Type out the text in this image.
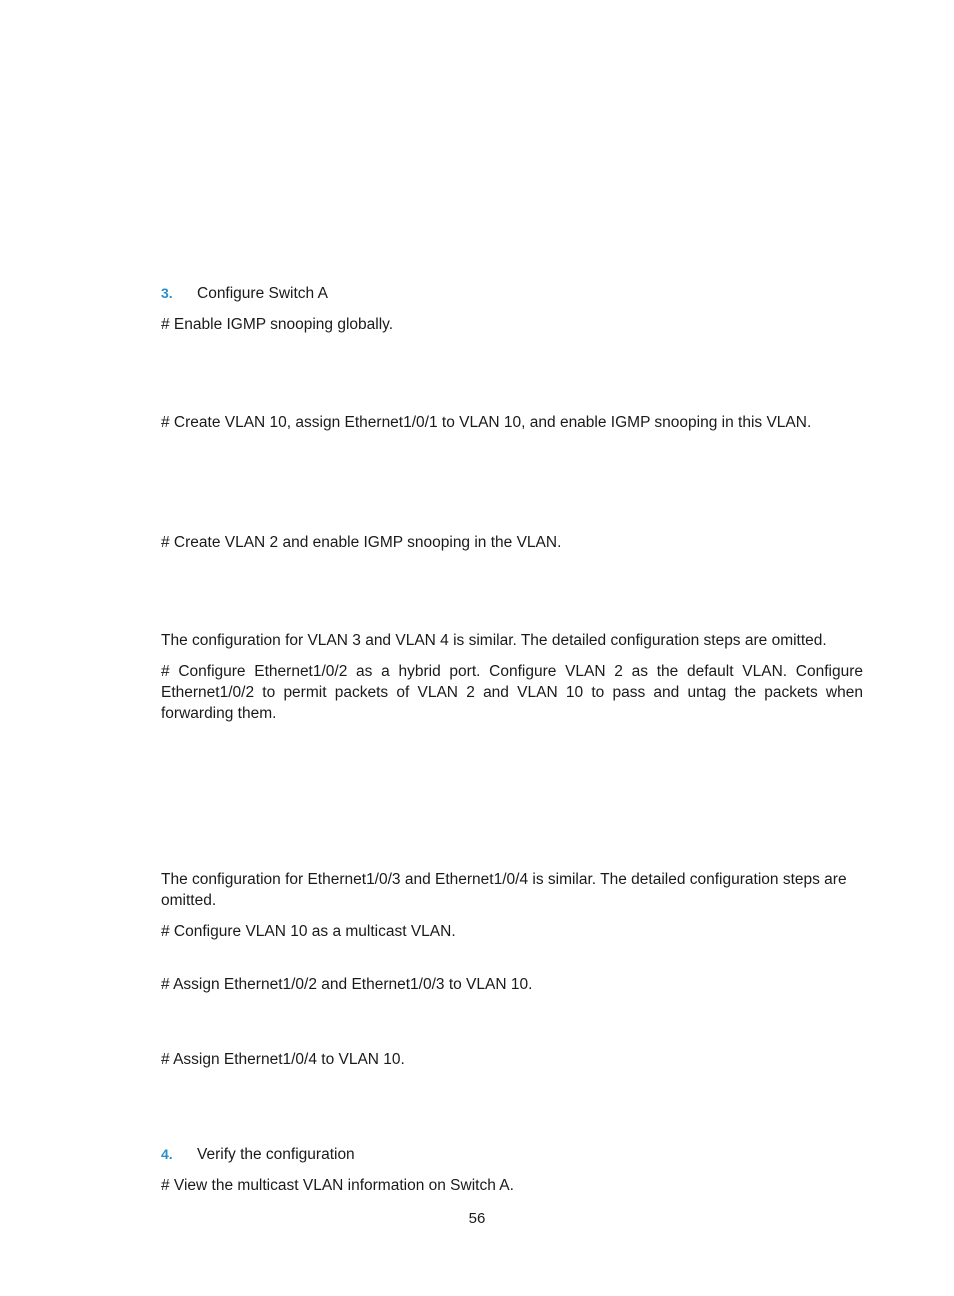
3. Configure Switch A

# Enable IGMP snooping globally.

# Create VLAN 10, assign Ethernet1/0/1 to VLAN 10, and enable IGMP snooping in this VLAN.

# Create VLAN 2 and enable IGMP snooping in the VLAN.

The configuration for VLAN 3 and VLAN 4 is similar. The detailed configuration steps are omitted.

# Configure Ethernet1/0/2 as a hybrid port. Configure VLAN 2 as the default VLAN. Configure Ethernet1/0/2 to permit packets of VLAN 2 and VLAN 10 to pass and untag the packets when forwarding them.

The configuration for Ethernet1/0/3 and Ethernet1/0/4 is similar. The detailed configuration steps are omitted.

# Configure VLAN 10 as a multicast VLAN.

# Assign Ethernet1/0/2 and Ethernet1/0/3 to VLAN 10.

# Assign Ethernet1/0/4 to VLAN 10.

4. Verify the configuration

# View the multicast VLAN information on Switch A.

56
